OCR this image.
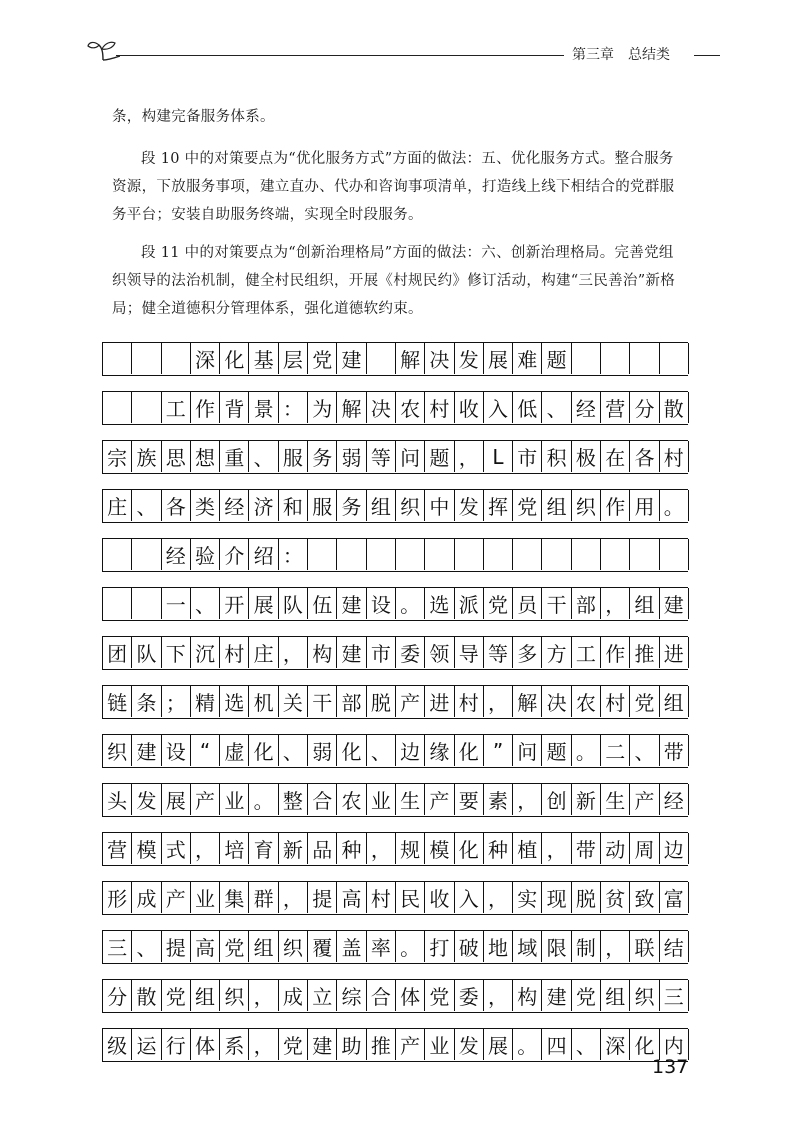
第三章　总结类

条，构建完备服务体系。

段 10 中的对策要点为“优化服务方式”方面的做法：五、优化服务方式。整合服务资源，下放服务事项，建立直办、代办和咨询事项清单，打造线上线下相结合的党群服务平台；安装自助服务终端，实现全时段服务。

段 11 中的对策要点为“创新治理格局”方面的做法：六、创新治理格局。完善党组织领导的法治机制，健全村民组织，开展《村规民约》修订活动，构建“三民善治”新格局；健全道德积分管理体系，强化道德软约束。

深 化 基 层 党 建 解 决 发 展 难 题
工 作 背 景 ： 为 解 决 农 村 收 入 低 、 经 营 分 散
宗 族 思 想 重 、 服 务 弱 等 问 题 ， L 市 积 极 在 各 村
庄 、 各 类 经 济 和 服 务 组 织 中 发 挥 党 组 织 作 用 。
经 验 介 绍 ：
一 、 开 展 队 伍 建 设 。 选 派 党 员 干 部 ， 组 建
团 队 下 沉 村 庄 ， 构 建 市 委 领 导 等 多 方 工 作 推 进
链 条 ； 精 选 机 关 干 部 脱 产 进 村 ， 解 决 农 村 党 组
织 建 设 “ 虚 化 、 弱 化 、 边 缘 化 ” 问 题 。 二 、 带
头 发 展 产 业 。 整 合 农 业 生 产 要 素 ， 创 新 生 产 经
营 模 式 ， 培 育 新 品 种 ， 规 模 化 种 植 ， 带 动 周 边
形 成 产 业 集 群 ， 提 高 村 民 收 入 ， 实 现 脱 贫 致 富
三 、 提 高 党 组 织 覆 盖 率 。 打 破 地 域 限 制 ， 联 结
分 散 党 组 织 ， 成 立 综 合 体 党 委 ， 构 建 党 组 织 三
级 运 行 体 系 ， 党 建 助 推 产 业 发 展 。 四 、 深 化 内
137
